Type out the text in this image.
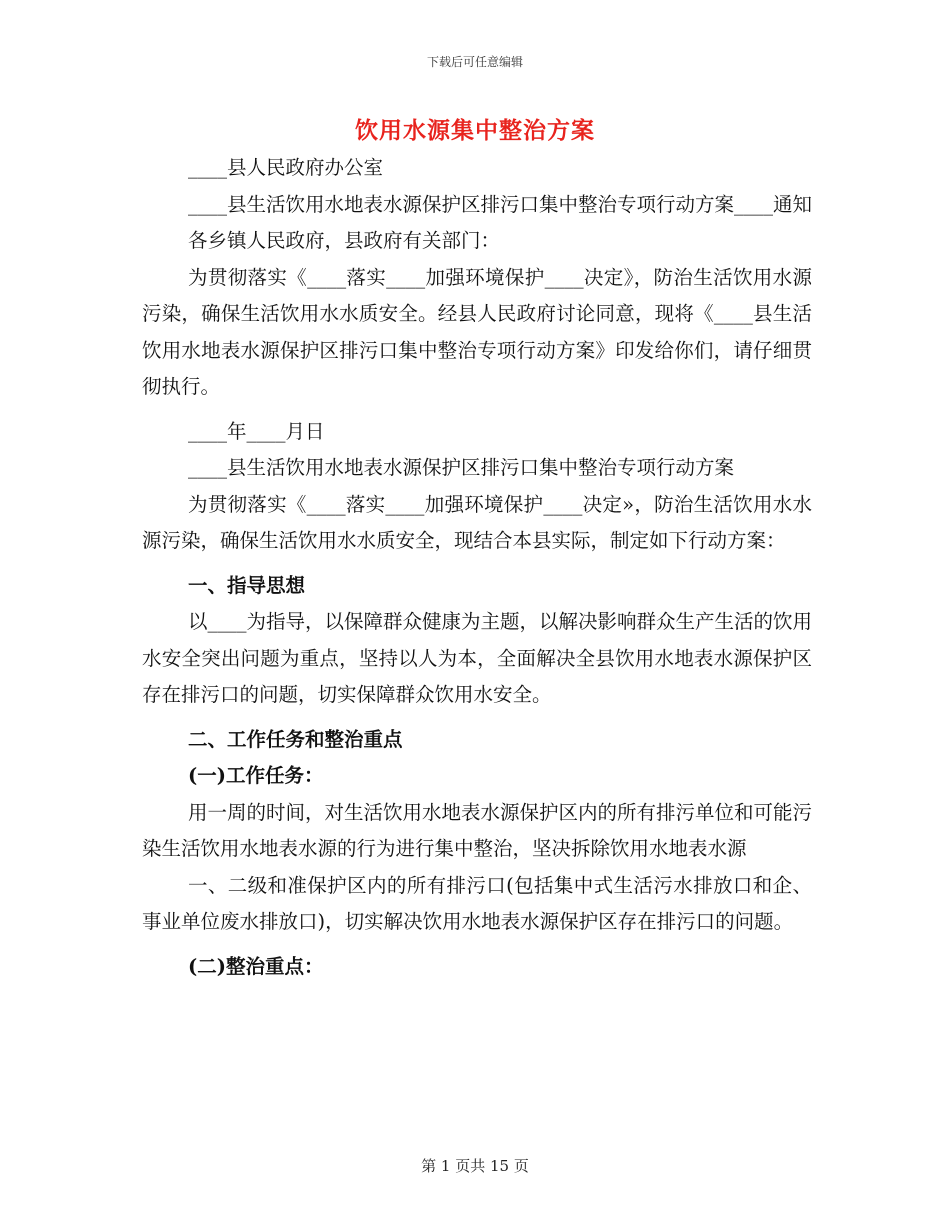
下载后可任意编辑
饮用水源集中整治方案

____县人民政府办公室

____县生活饮用水地表水源保护区排污口集中整治专项行动方案____通知

各乡镇人民政府，县政府有关部门：

为贯彻落实《____落实____加强环境保护____决定》，防治生活饮用水源污染，确保生活饮用水水质安全。经县人民政府讨论同意，现将《____县生活饮用水地表水源保护区排污口集中整治专项行动方案》印发给你们，请仔细贯彻执行。

____年____月日

____县生活饮用水地表水源保护区排污口集中整治专项行动方案

为贯彻落实《____落实____加强环境保护____决定»，防治生活饮用水水源污染，确保生活饮用水水质安全，现结合本县实际，制定如下行动方案：

一、指导思想

以____为指导，以保障群众健康为主题，以解决影响群众生产生活的饮用水安全突出问题为重点，坚持以人为本，全面解决全县饮用水地表水源保护区存在排污口的问题，切实保障群众饮用水安全。

二、工作任务和整治重点

(一)工作任务：

用一周的时间，对生活饮用水地表水源保护区内的所有排污单位和可能污染生活饮用水地表水源的行为进行集中整治，坚决拆除饮用水地表水源

一、二级和准保护区内的所有排污口(包括集中式生活污水排放口和企、事业单位废水排放口)，切实解决饮用水地表水源保护区存在排污口的问题。

(二)整治重点：

第 1 页共 15 页
